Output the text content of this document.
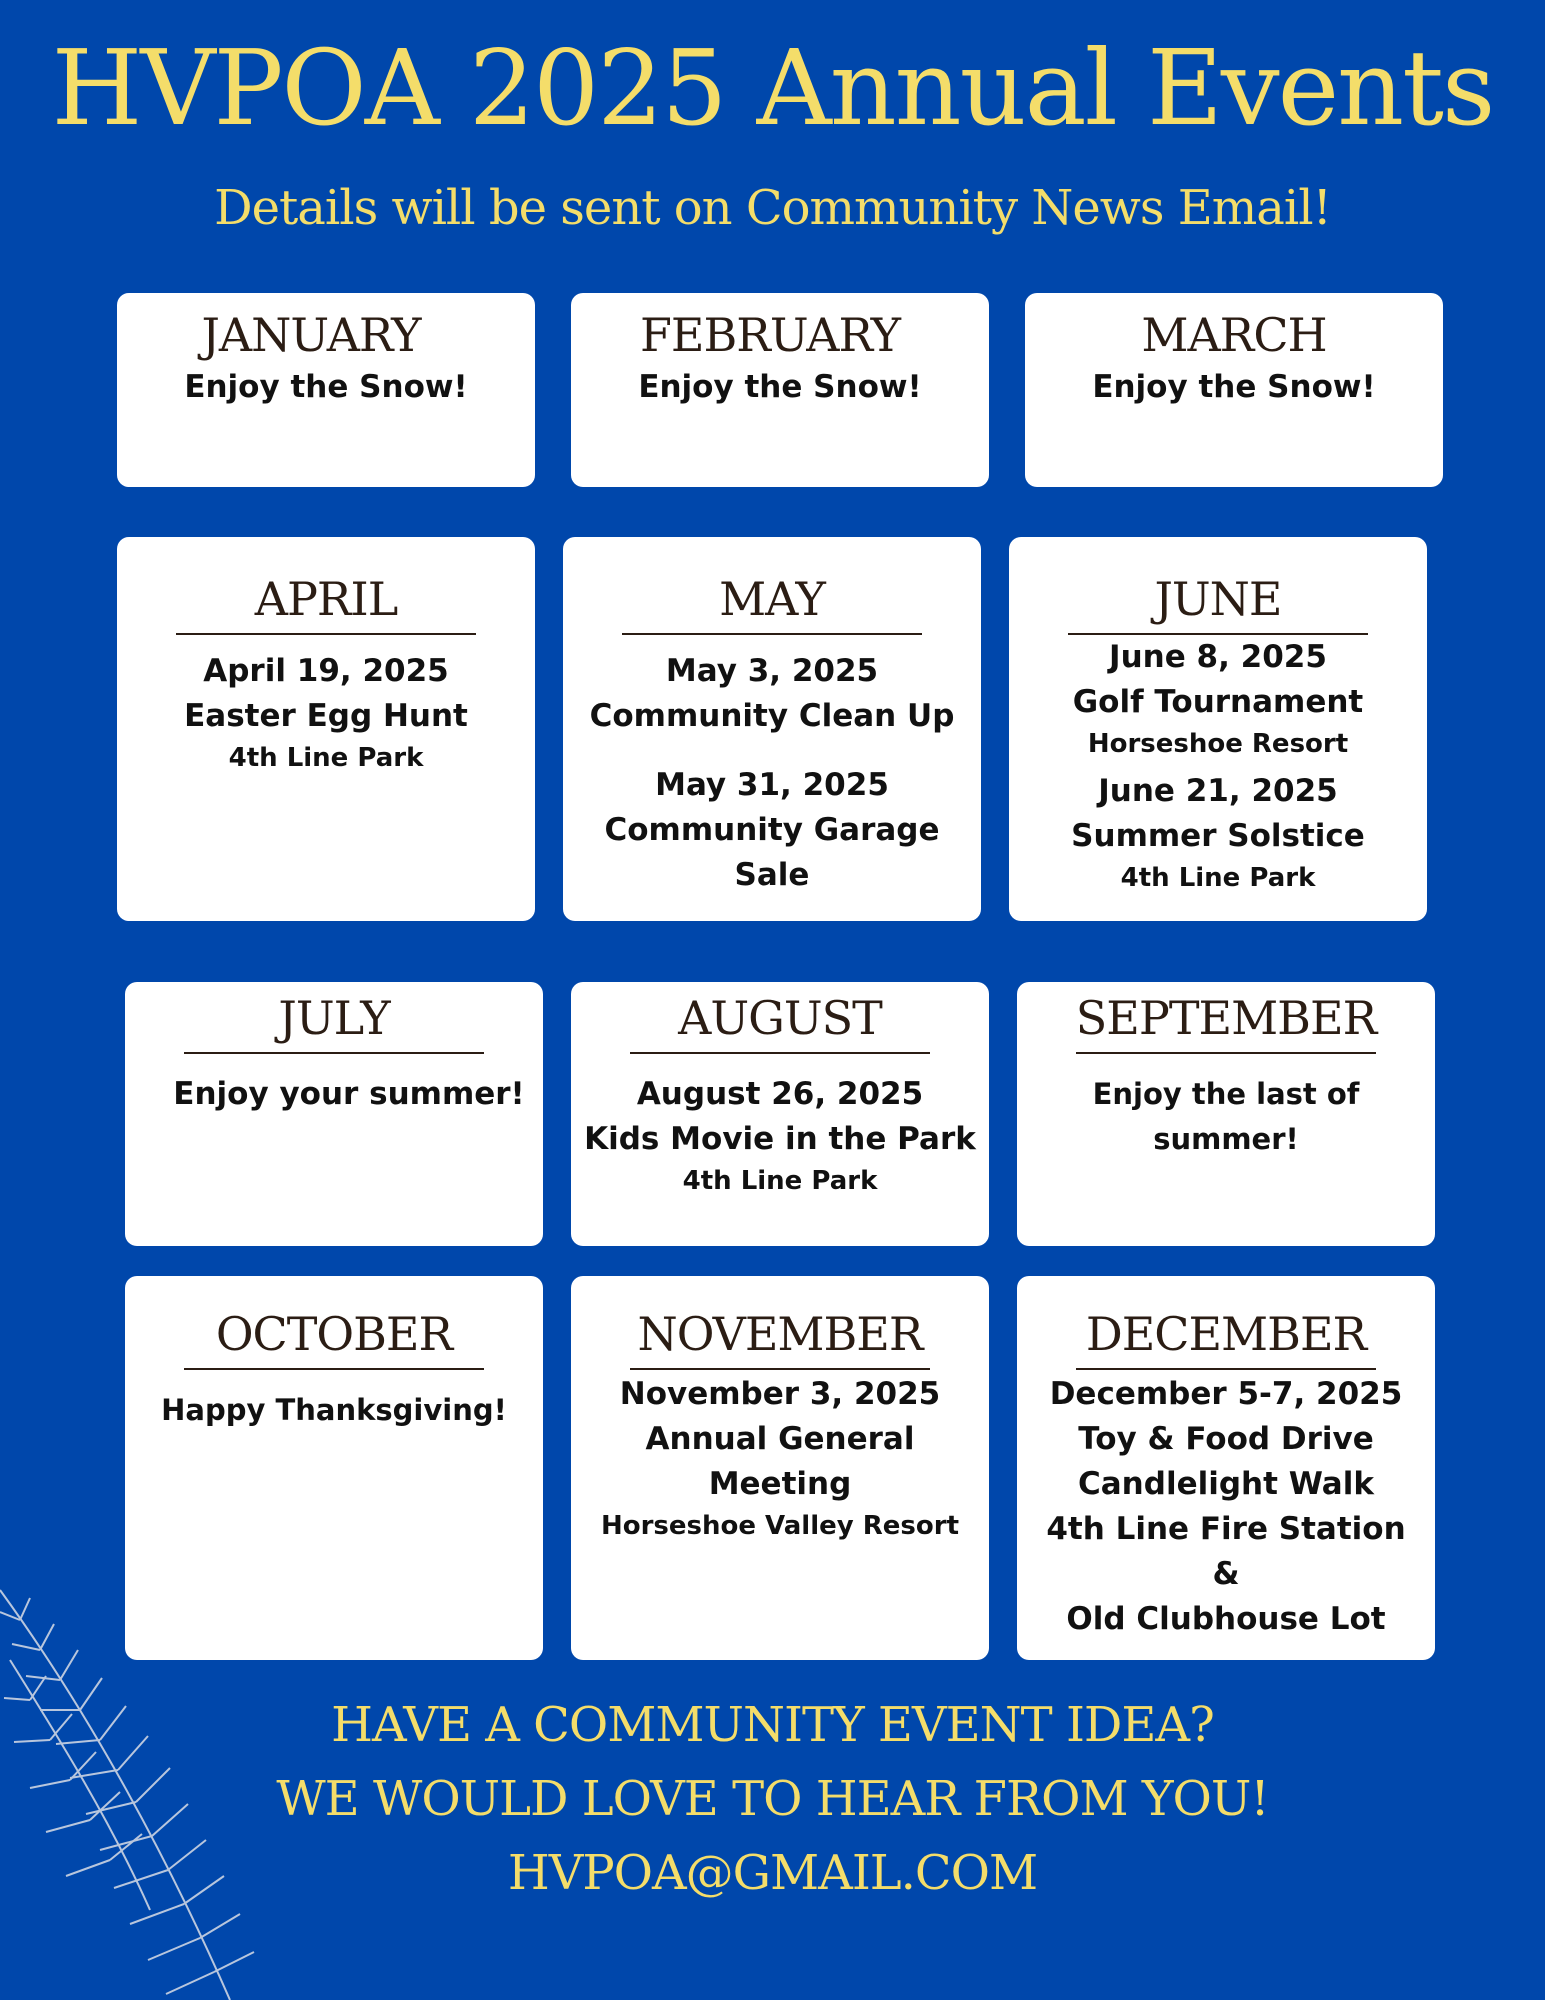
HVPOA 2025 Annual Events
Details will be sent on Community News Email!
JANUARY
Enjoy the Snow!
FEBRUARY
Enjoy the Snow!
MARCH
Enjoy the Snow!
APRIL
April 19, 2025
Easter Egg Hunt
4th Line Park
MAY
May 3, 2025
Community Clean Up
May 31, 2025
Community Garage Sale
JUNE
June 8, 2025
Golf Tournament
Horseshoe Resort
June 21, 2025
Summer Solstice
4th Line Park
JULY
Enjoy your summer!
AUGUST
August 26, 2025
Kids Movie in the Park
4th Line Park
SEPTEMBER
Enjoy the last of summer!
OCTOBER
Happy Thanksgiving!
NOVEMBER
November 3, 2025
Annual General Meeting
Horseshoe Valley Resort
DECEMBER
December 5-7, 2025
Toy & Food Drive
Candlelight Walk
4th Line Fire Station
&
Old Clubhouse Lot
HAVE A COMMUNITY EVENT IDEA?
WE WOULD LOVE TO HEAR FROM YOU!
HVPOA@GMAIL.COM
